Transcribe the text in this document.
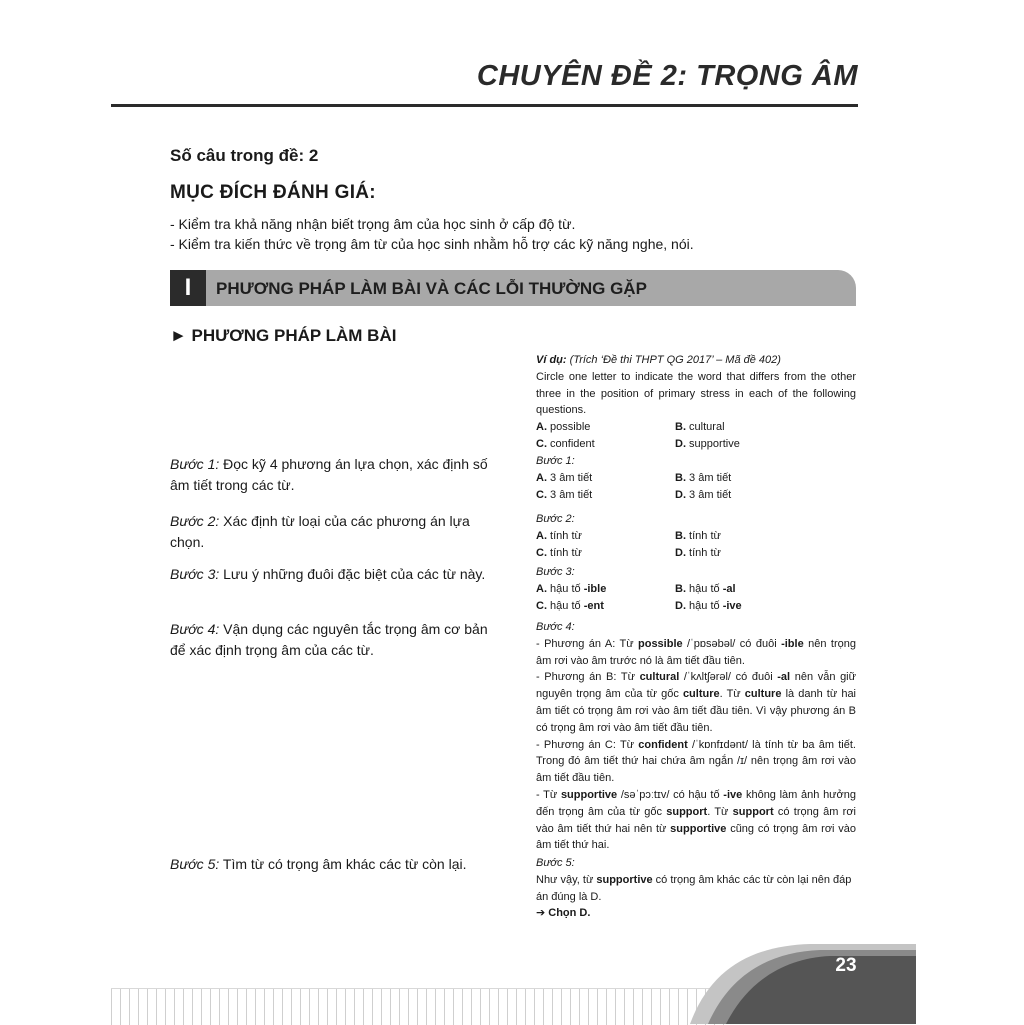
CHUYÊN ĐỀ 2: TRỌNG ÂM
Số câu trong đề: 2
MỤC ĐÍCH ĐÁNH GIÁ:
- Kiểm tra khả năng nhận biết trọng âm của học sinh ở cấp độ từ.
- Kiểm tra kiến thức về trọng âm từ của học sinh nhằm hỗ trợ các kỹ năng nghe, nói.
I	PHƯƠNG PHÁP LÀM BÀI VÀ CÁC LỖI THƯỜNG GẶP
► PHƯƠNG PHÁP LÀM BÀI
Bước 1: Đọc kỹ 4 phương án lựa chọn, xác định số âm tiết trong các từ.
Bước 2: Xác định từ loại của các phương án lựa chọn.
Bước 3: Lưu ý những đuôi đặc biệt của các từ này.
Bước 4: Vận dụng các nguyên tắc trọng âm cơ bản để xác định trọng âm của các từ.
Bước 5: Tìm từ có trọng âm khác các từ còn lại.
Ví dụ: (Trích ‘Đề thi THPT QG 2017’ – Mã đề 402)
Circle one letter to indicate the word that differs from the other three in the position of primary stress in each of the following questions.
A. possible	B. cultural
C. confident	D. supportive
Bước 1:
A. 3 âm tiết	B. 3 âm tiết
C. 3 âm tiết	D. 3 âm tiết
Bước 2:
A. tính từ	B. tính từ
C. tính từ	D. tính từ
Bước 3:
A. hậu tố -ible	B. hậu tố -al
C. hậu tố -ent	D. hậu tố -ive
Bước 4:
- Phương án A: Từ possible /ˈpɒsəbəl/ có đuôi -ible nên trọng âm rơi vào âm trước nó là âm tiết đầu tiên.
- Phương án B: Từ cultural /ˈkʌltʃərəl/ có đuôi -al nên vẫn giữ nguyên trọng âm của từ gốc culture. Từ culture là danh từ hai âm tiết có trọng âm rơi vào âm tiết đầu tiên. Vì vậy phương án B có trọng âm rơi vào âm tiết đầu tiên.
- Phương án C: Từ confident /ˈkɒnfɪdənt/ là tính từ ba âm tiết. Trong đó âm tiết thứ hai chứa âm ngắn /ɪ/ nên trọng âm rơi vào âm tiết đầu tiên.
- Từ supportive /səˈpɔːtɪv/ có hậu tố -ive không làm ảnh hưởng đến trọng âm của từ gốc support. Từ support có trọng âm rơi vào âm tiết thứ hai nên từ supportive cũng có trọng âm rơi vào âm tiết thứ hai.
Bước 5:
Như vậy, từ supportive có trọng âm khác các từ còn lại nên đáp án đúng là D.
➔ Chọn D.
23
